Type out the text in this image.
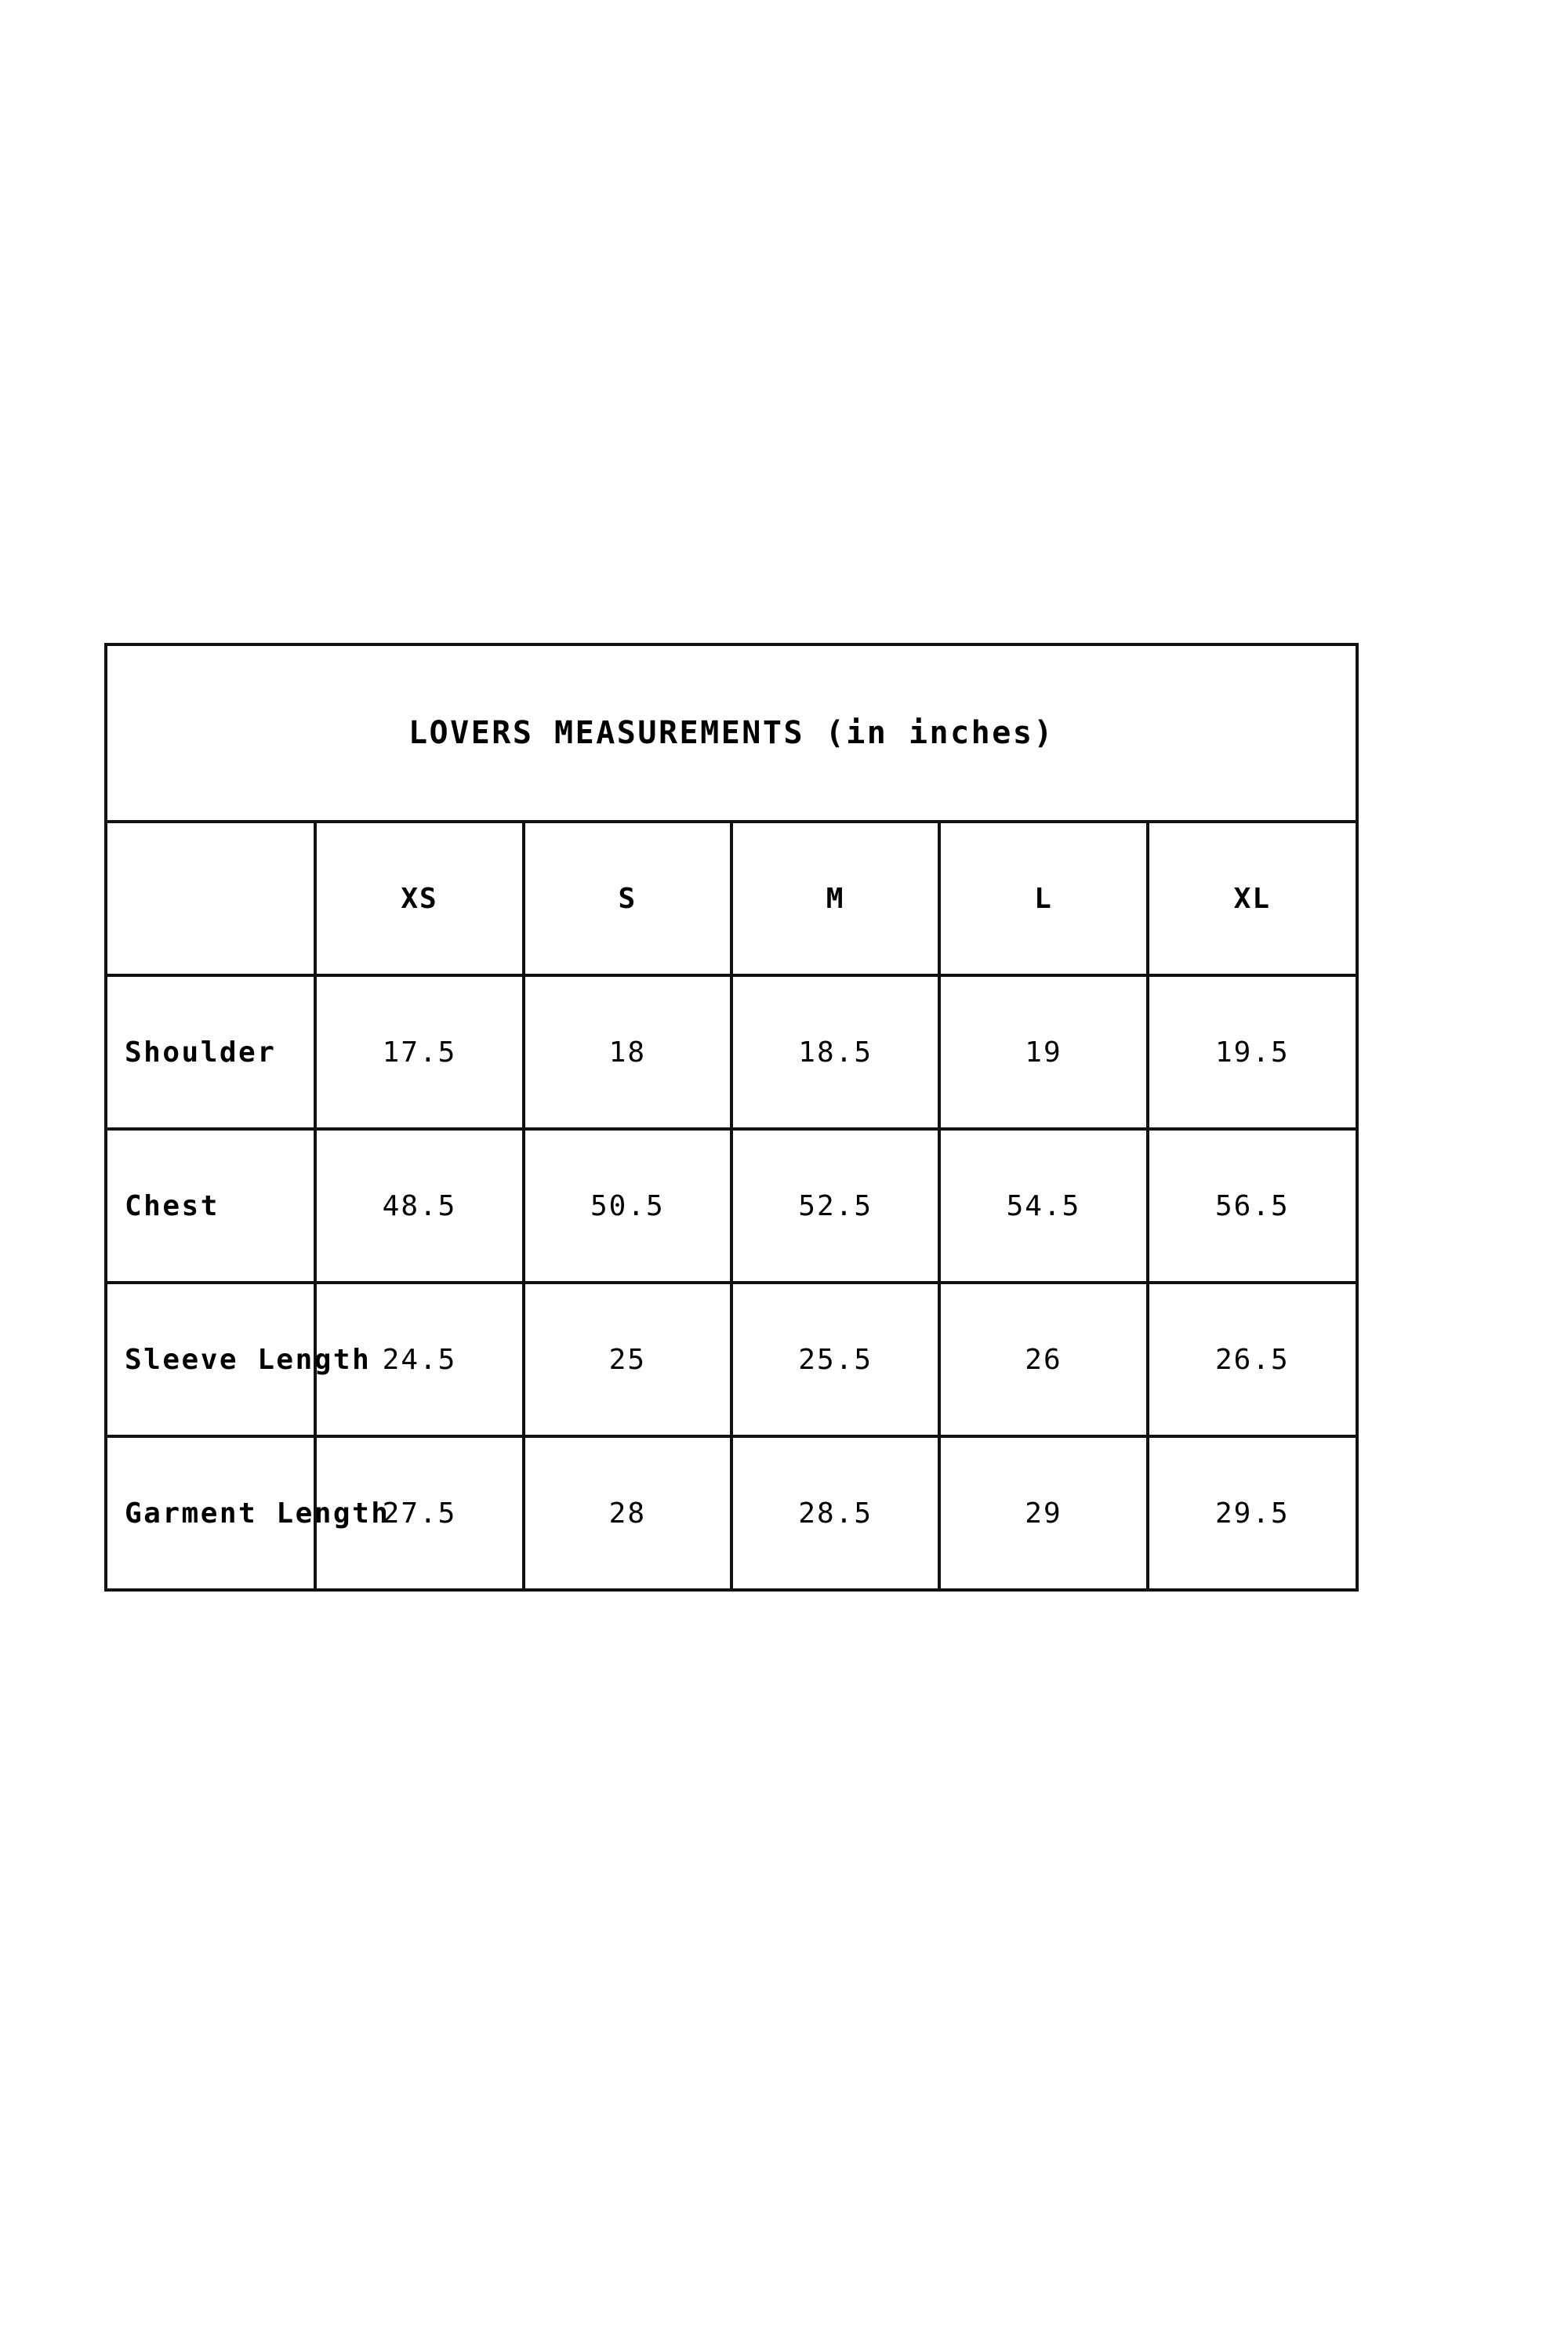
LOVERS MEASUREMENTS (in inches)					
	XS	S	M	L	XL
Shoulder	17.5	18	18.5	19	19.5
Chest	48.5	50.5	52.5	54.5	56.5
Sleeve Length	24.5	25	25.5	26	26.5
Garment Length	27.5	28	28.5	29	29.5
